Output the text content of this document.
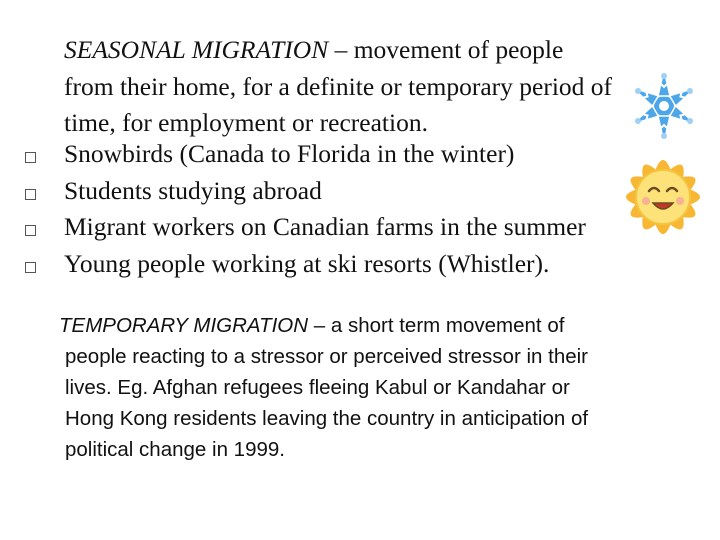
SEASONAL MIGRATION – movement of people
from their home, for a definite or temporary period of
time, for employment or recreation.
Snowbirds (Canada to Florida in the winter)
Students studying abroad
Migrant workers on Canadian farms in the summer
Young people working at ski resorts (Whistler).
TEMPORARY MIGRATION – a short term movement of
people reacting to a stressor or perceived stressor in their
lives. Eg. Afghan refugees fleeing Kabul or Kandahar or
Hong Kong residents leaving the country in anticipation of
political change in 1999.
